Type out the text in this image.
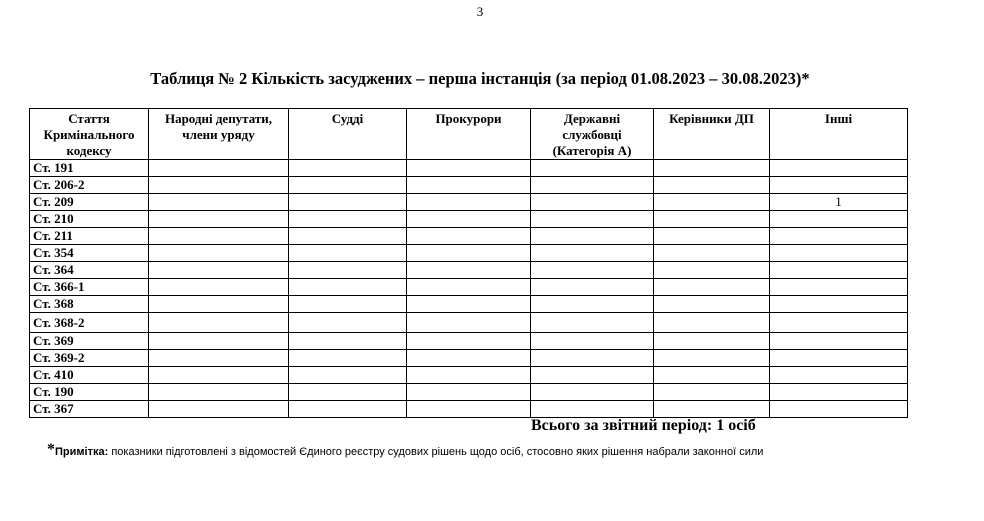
3
Таблиця № 2 Кількість засуджених – перша інстанція (за період 01.08.2023 – 30.08.2023)*
Стаття Кримінального кодексу	Народні депутати, члени уряду	Судді	Прокурори	Державні службовці (Категорія А)	Керівники ДП	Інші
Ст. 191						
Ст. 206-2						
Ст. 209						1
Ст. 210						
Ст. 211						
Ст. 354						
Ст. 364						
Ст. 366-1						
Ст. 368						
Ст. 368-2						
Ст. 369						
Ст. 369-2						
Ст. 410						
Ст. 190						
Ст. 367						
Всього за звітний період: 1 осіб
*Примітка: показники підготовлені з відомостей Єдиного реєстру судових рішень щодо осіб, стосовно яких рішення набрали законної сили
